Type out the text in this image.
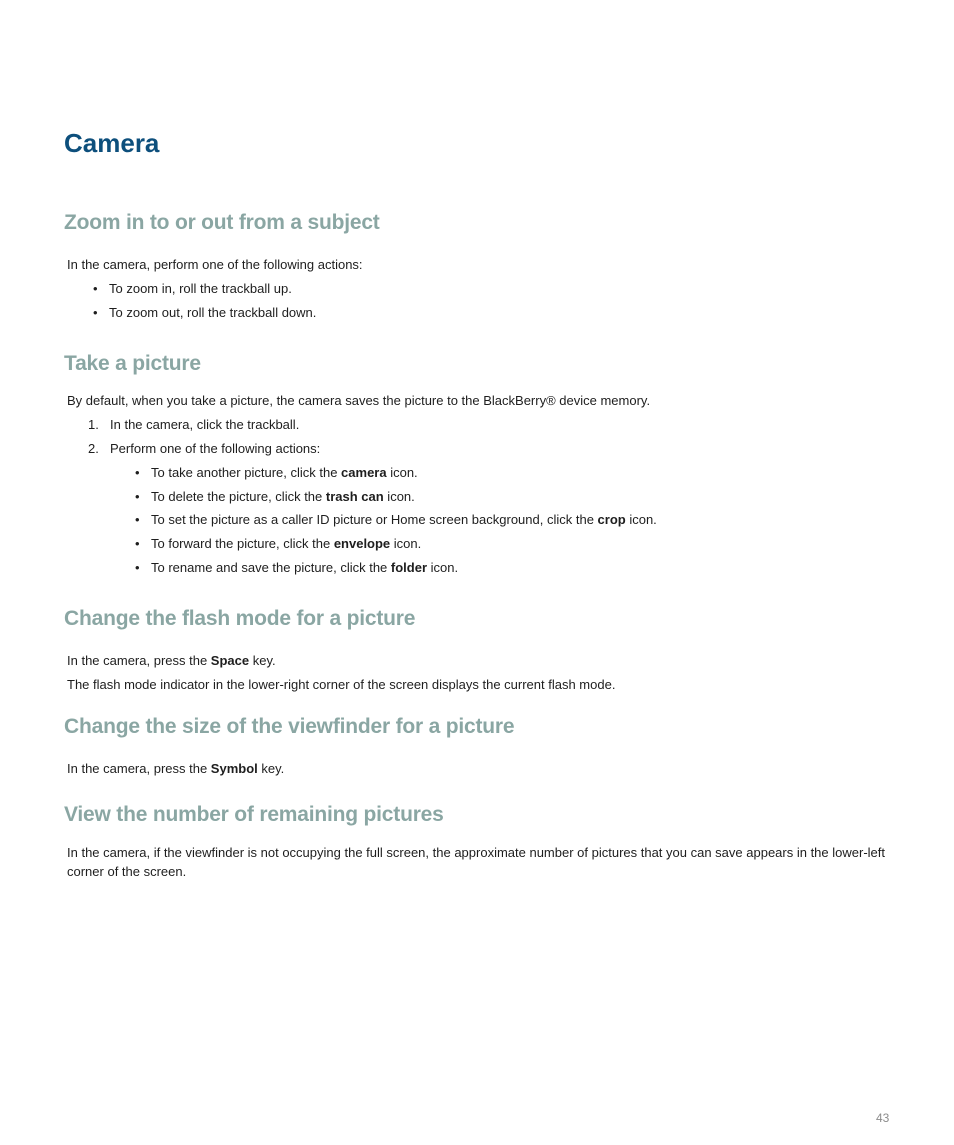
Camera
Zoom in to or out from a subject

In the camera, perform one of the following actions:

• To zoom in, roll the trackball up.
• To zoom out, roll the trackball down.
Take a picture

By default, when you take a picture, the camera saves the picture to the BlackBerry® device memory.

1. In the camera, click the trackball.
2. Perform one of the following actions:
• To take another picture, click the camera icon.
• To delete the picture, click the trash can icon.
• To set the picture as a caller ID picture or Home screen background, click the crop icon.
• To forward the picture, click the envelope icon.
• To rename and save the picture, click the folder icon.
Change the flash mode for a picture

In the camera, press the Space key.

The flash mode indicator in the lower-right corner of the screen displays the current flash mode.

Change the size of the viewfinder for a picture

In the camera, press the Symbol key.

View the number of remaining pictures

In the camera, if the viewfinder is not occupying the full screen, the approximate number of pictures that you can save appears in the lower-left corner of the screen.

43
